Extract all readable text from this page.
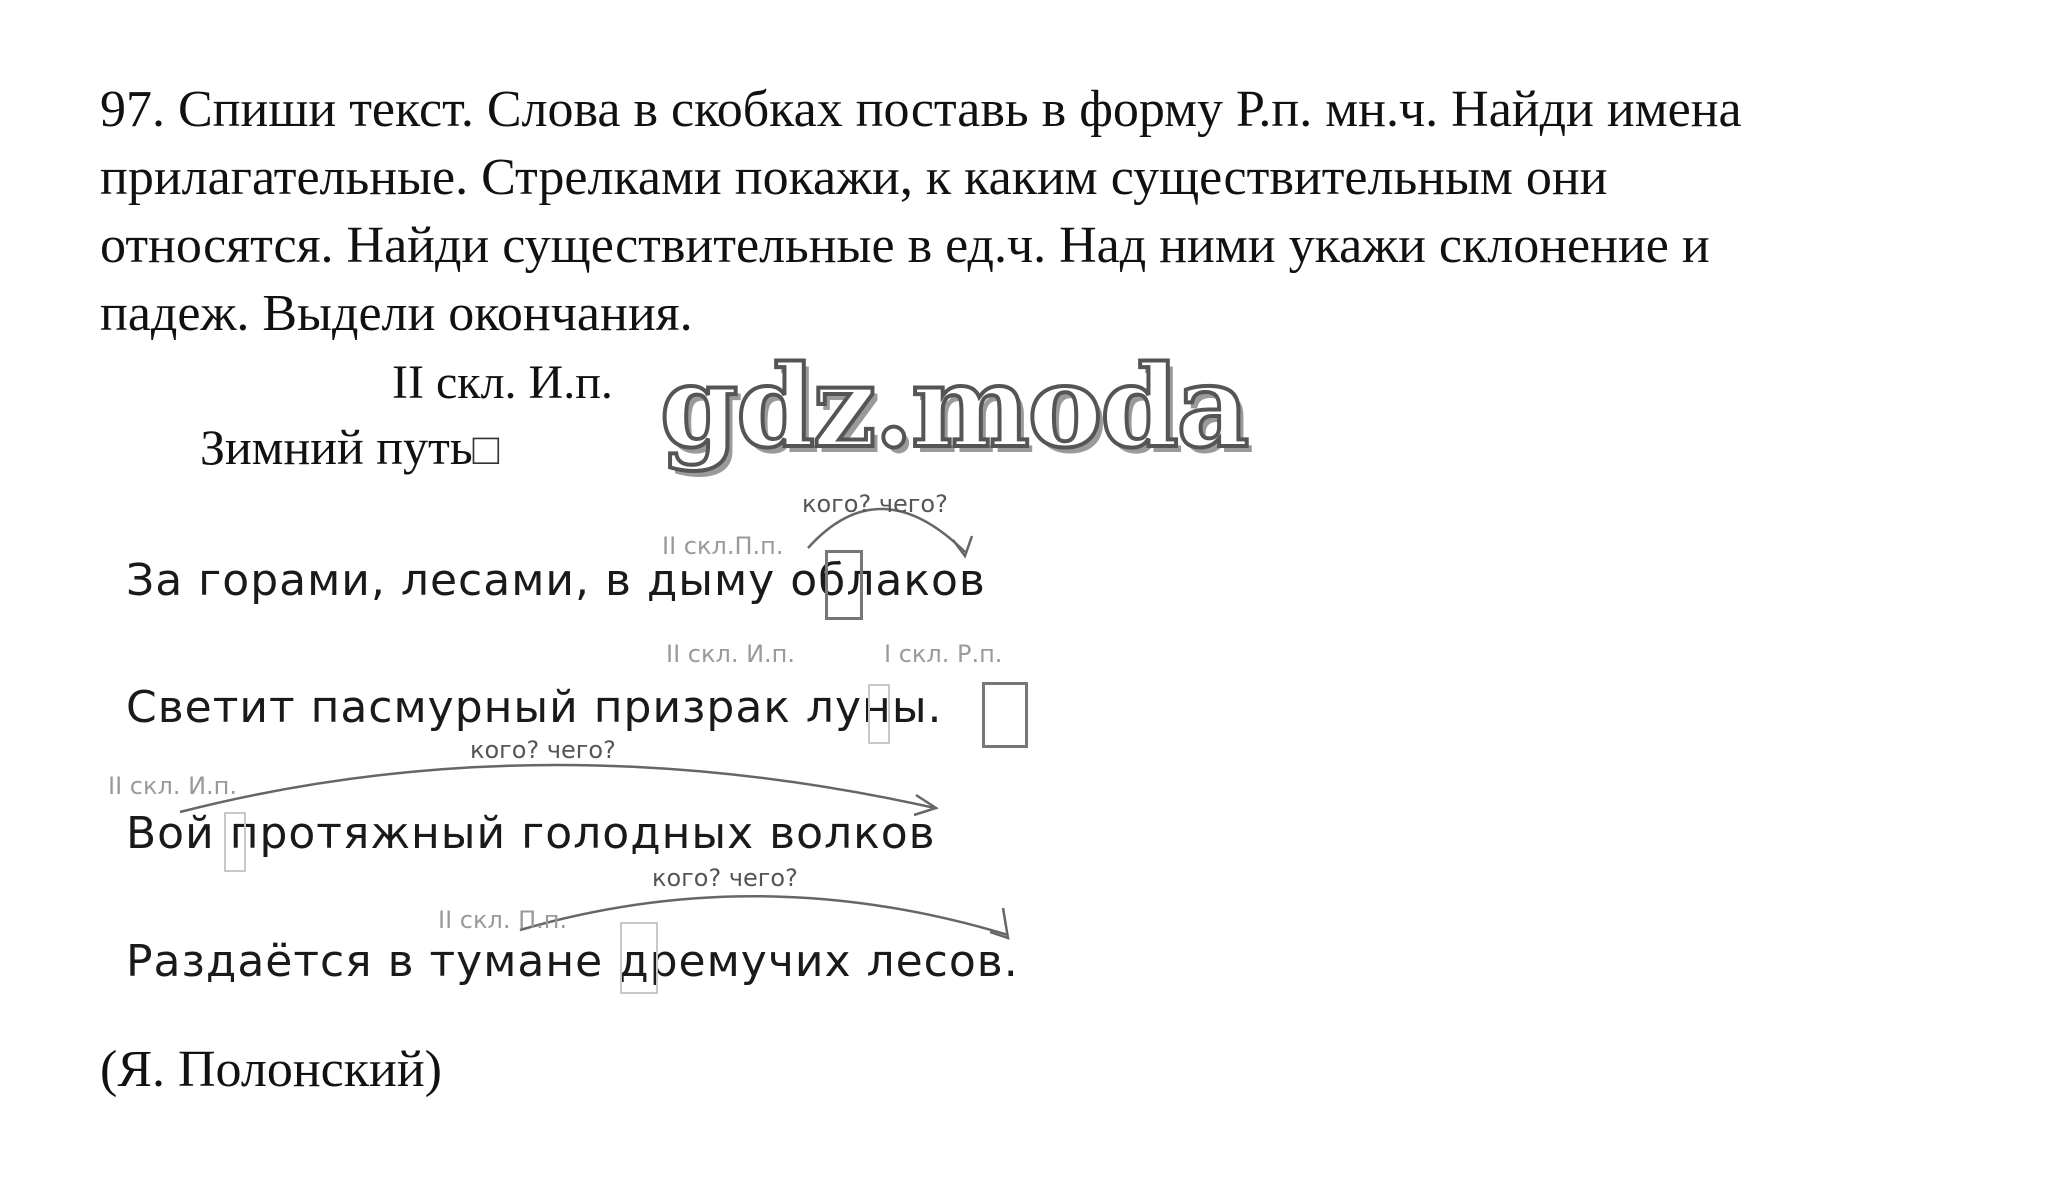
97. Спиши текст. Слова в скобках поставь в форму Р.п. мн.ч. Найди имена
прилагательные. Стрелками покажи, к каким существительным они
относятся. Найди существительные в ед.ч. Над ними укажи склонение и
падеж. Выдели окончания.
II скл. И.п.
Зимний путь□ gdz.moda
II скл.П.п.
кого? чего?
За горами, лесами, в дыму облаков
II скл. И.п.	I скл. Р.п.
Светит пасмурный призрак луны.
кого? чего?
II скл. И.п.
Вой протяжный голодных волков
кого? чего?
II скл. П.п.
Раздаётся в тумане дремучих лесов.
(Я. Полонский)
